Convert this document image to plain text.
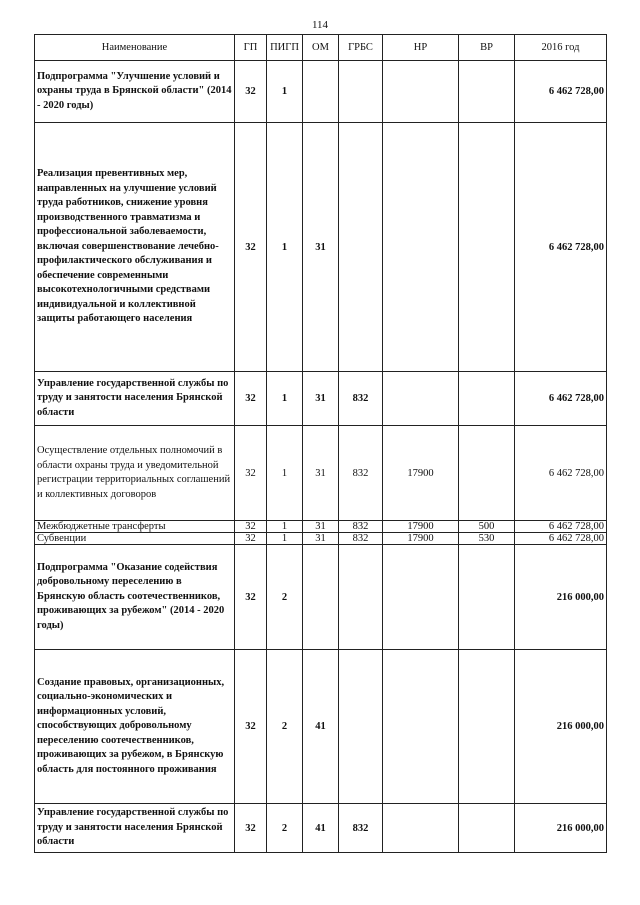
114
Наименование	ГП	ПИГП	ОМ	ГРБС	НР	ВР	2016 год
Подпрограмма "Улучшение условий и охраны труда в Брянской области" (2014 - 2020 годы)	32	1					6 462 728,00
Реализация превентивных мер, направленных на улучшение условий труда работников, снижение уровня производственного травматизма и профессиональной заболеваемости, включая совершенствование лечебно-профилактического обслуживания и обеспечение современными высокотехнологичными средствами индивидуальной и коллективной защиты работающего населения	32	1	31				6 462 728,00
Управление государственной службы по труду и занятости населения Брянской области	32	1	31	832			6 462 728,00
Осуществление отдельных полномочий в области охраны труда и уведомительной регистрации территориальных соглашений и коллективных договоров	32	1	31	832	17900		6 462 728,00
Межбюджетные трансферты	32	1	31	832	17900	500	6 462 728,00
Субвенции	32	1	31	832	17900	530	6 462 728,00
Подпрограмма "Оказание содействия добровольному переселению в Брянскую область соотечественников, проживающих за рубежом" (2014 - 2020 годы)	32	2					216 000,00
Создание правовых, организационных, социально-экономических и информационных условий, способствующих добровольному переселению соотечественников, проживающих за рубежом, в Брянскую область для постоянного проживания	32	2	41				216 000,00
Управление государственной службы по труду и занятости населения Брянской области	32	2	41	832			216 000,00
